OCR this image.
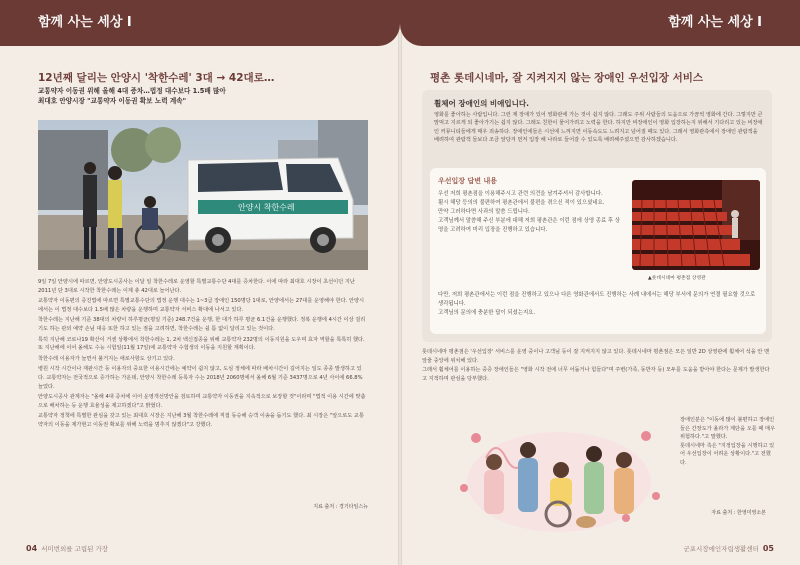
함께 사는 세상 Ⅰ
12년째 달리는 안양시 '착한수레' 3대 → 42대로…
교통약자 이동권 위해 올해 4대 증차…법정 대수보다 1.5배 많아
최대호 안양시장 "교통약자 이동권 확보 노력 계속"
안양시 착한수레

9일 7일 안양시에 따르면, 안양도시공사는 이달 일 착한수레로 운영할 특별교통수단 4대를 증차한다. 이에 따라 최대호 시장이 초선이던 지난 2011년 단 3대로 시작한 착한수레는 이제 총 42대로 늘어난다.

교통약자 이동편의 증진법에 따르면 특별교통수단의 법정 운행 대수는 1~3급 장애인 150명당 1대로, 안양에서는 27대를 운영해야 한다. 안양시에서는 이 법정 대수보다 1.5배 많은 차량을 운행하며 교통약자 서비스 확대에 나서고 있다.

착한수레는 지난해 기준 38대의 차량이 하루평균(평일 기준) 248.7건을 운행, 한 대가 하루 평균 6.1건을 운행했다. 정복 운행에 4시간 이상 걸리기도 하는 관외 예약 손님 대응 또한 하고 있는 점을 고려하면, 착한수레는 쉴 틈 없이 달리고 있는 것이다.

특히 지난해 코로나19 확산이 거센 상황에서 착한수레는 1, 2차 백신접종을 위해 교통약자 232명의 이동지원을 도우며 효자 역할을 톡톡히 했다. 또 지난해에 이어 올해도 수능 시험일(11월 17일)에 교통약자 수험생의 이동을 지원할 계획이다.

착한수레 이용자가 늘면서 불거지는 애로사항도 상기고 있다.

병원 시작 시간이나 재판시간 등 이용자의 중요한 이용시간에는 예약이 쉽지 않고, 도심 정체에 따라 배차시간이 길어지는 일도 종종 발생하고 있다. 교통약자는 전국적으로 증가하는 가운데, 안양시 착한수레 등록자 수는 2018년 2060명에서 올해 6월 기준 3437명으로 4년 사이에 66.8% 늘었다.

안양도시공사 관계자는 "올해 4대 증차에 이어 운영개선방안을 검토하며 교통약자 이동권을 지속적으로 보장할 것"이라며 "법적 이용 시간에 맞춤으로 배차하는 등 운행 효율성을 제고하겠다"고 밝혔다.

교통약자 정책에 특별한 관심을 갖고 있는 최대호 시장은 지난해 3월 착한수레에 직접 동승해 승객 이송을 돕기도 했다. 최 시장은 "앞으로도 교통약자의 이동을 제가현고 이동권 확보를 위해 노력을 멈추지 않겠다"고 강했다.

지료 출처 : 경기타임스뉴
04 서미번외를 고립된 가장
함께 사는 세상 Ⅰ
평촌 롯데시네마, 잘 지켜지지 않는 장애인 우선입장 서비스
휠체어 장애인의 비애입니다.
영화를 좋아하는 사람입니다. 그런 제 장애가 있어 영화관에 가는 것이 쉽지 않다. 그래도 주위 사람들의 도움으로 가끔씩 영화에 간다. 그렇지만 큰맘먹고 지르게 되 좋아가기는 쉽지 않다. 그래도 친한이 물어가려고 노력을 한다. 하지만 비장애인이 영화 입장하는지 위해서 기다리고 있는 비장애인 커뮤니티들에게 매우 죄송하다. 장애인에들은 시선에 느껴지면 이동속도도 느려지고 넘어질 때도 있다. 그래서 영화관측에서 장애인 관람객을 배려하여 관람객 들보다 조금 앞당겨 먼저 입장 해 나라로 들어갈 수 있도록 배려해주셨으면 감사하겠습니다.
우선입장 답변 내용
우선 저희 평촌점을 이용해주시고 관련 의견을 남겨주셔서 감사합니다.
휠시 해당 등의의 불편하여 평촌관에서 불편을 겪으신 적이 있으셨네요.
만약 그러하다면 사과의 말씀 드립니다.
고객님께서 말씀해 주신 부분에 대해 저희 평촌관은 이런 점에 상영 종료 후 상영을 고려하여 미리 입장을 진행하고 있습니다.
다만, 저희 평촌관에서는 이런 점을 진행하고 있으나 다른 영화관에서도 진행하는 사례 내에서는 해당 부서에 문의가 연결 필요할 것으로 생각됩니다.
고객님의 문의에 충분한 답이 되셨는지요.
▲롯데시네마 평촌점 상영관

롯데시네마 평촌점은 '우선입장' 서비스를 운영 중이나 고객님 등이 잘 지켜지지 않고 있다. 롯데시네마 평촌점은 모든 일반 2D 상영관에 휠체어 석을 안 맨 앞줄 중앙에 위치해 있다.

그래서 휠체어를 이용하는 중증 장애인들은 "영화 시작 전에 너무 어둡거나 힘들다"며 주변(가족, 동반자 등) 모두를 도움을 받아야 한다는 문제가 발생한다고 지적하며 관심을 당부했다.

장애인분은 "이동에 많이 불편하고 장애인들은 간장도가 올라가 계단을 오를 때 매우 위험하다."고 말했다.
롯데시네마 측은 "지정입장을 시행하고 있어 우선입장이 어려운 상황이다."고 전했다.
자료 출처 : 한영미영소본
군포시장애인자립생활센터 05
